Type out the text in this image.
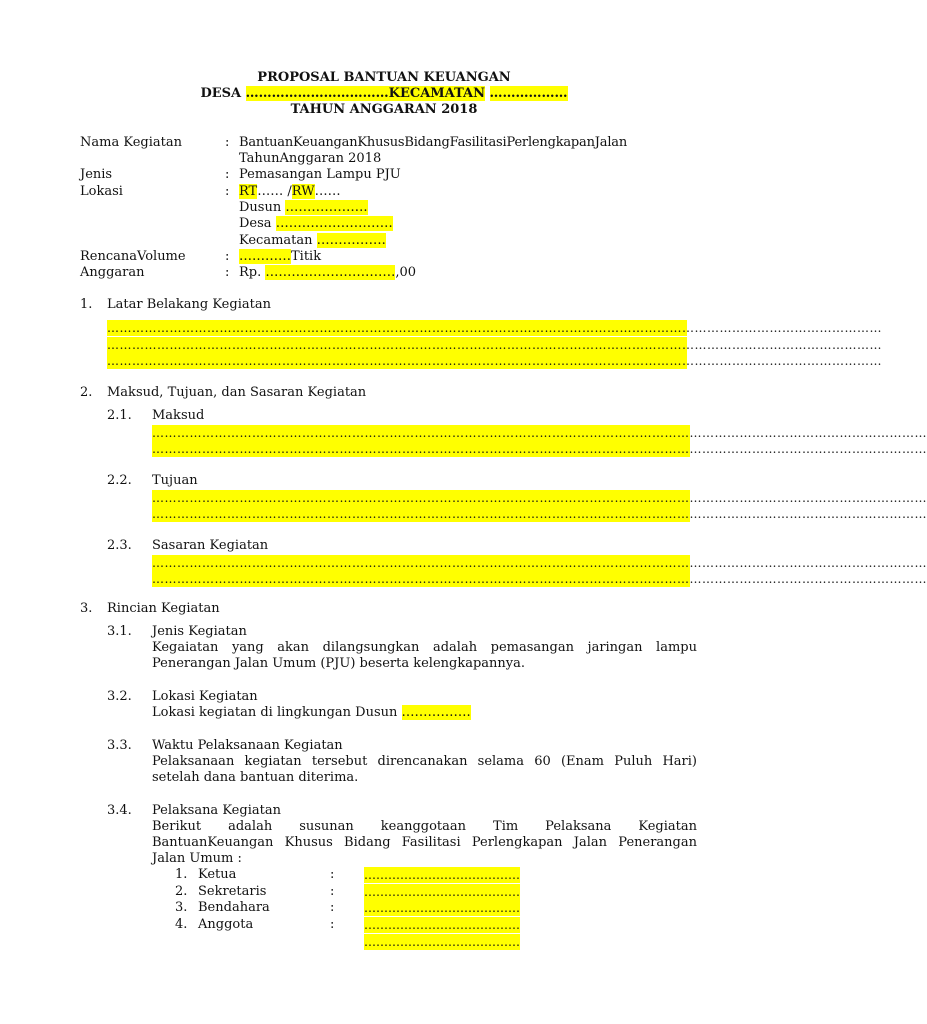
PROPOSAL BANTUAN KEUANGAN
DESA ……………………………KECAMATAN ………………
TAHUN ANGGARAN 2018
Nama Kegiatan	: BantuanKeuanganKhususBidangFasilitasiPerlengkapanJalan
TahunAnggaran 2018
Jenis	: Pemasangan Lampu PJU
Lokasi	: RT…… /RW……
Dusun ……………….
Desa ………………………
Kecamatan …………….
RencanaVolume	: …………Titik
Anggaran	: Rp. …………………………,00
1. Latar Belakang Kegiatan
……………………………………………………………………………………………………………………………………………………………………
……………………………………………………………………………………………………………………………………………………………………
……………………………………………………………………………………………………………………………………………………………………
2. Maksud, Tujuan, dan Sasaran Kegiatan
2.1. Maksud
……………………………………………………………………………………………………………………………………………………………………
……………………………………………………………………………………………………………………………………………………………………
2.2. Tujuan
……………………………………………………………………………………………………………………………………………………………………
……………………………………………………………………………………………………………………………………………………………………
2.3. Sasaran Kegiatan
……………………………………………………………………………………………………………………………………………………………………
……………………………………………………………………………………………………………………………………………………………………
3. Rincian Kegiatan
3.1. Jenis Kegiatan
Kegaiatan yang akan dilangsungkan adalah pemasangan jaringan lampu
Penerangan Jalan Umum (PJU) beserta kelengkapannya.
3.2. Lokasi Kegiatan
Lokasi kegiatan di lingkungan Dusun …………….
3.3. Waktu Pelaksanaan Kegiatan
Pelaksanaan kegiatan tersebut direncanakan selama 60 (Enam Puluh Hari)
setelah dana bantuan diterima.
3.4. Pelaksana Kegiatan
Berikut adalah susunan keanggotaan Tim Pelaksana Kegiatan
BantuanKeuangan Khusus Bidang Fasilitasi Perlengkapan Jalan Penerangan
Jalan Umum :
1. Ketua	: …………………………………
2. Sekretaris	: …………………………………
3. Bendahara	: …………………………………
4. Anggota	: …………………………………
…………………………………
